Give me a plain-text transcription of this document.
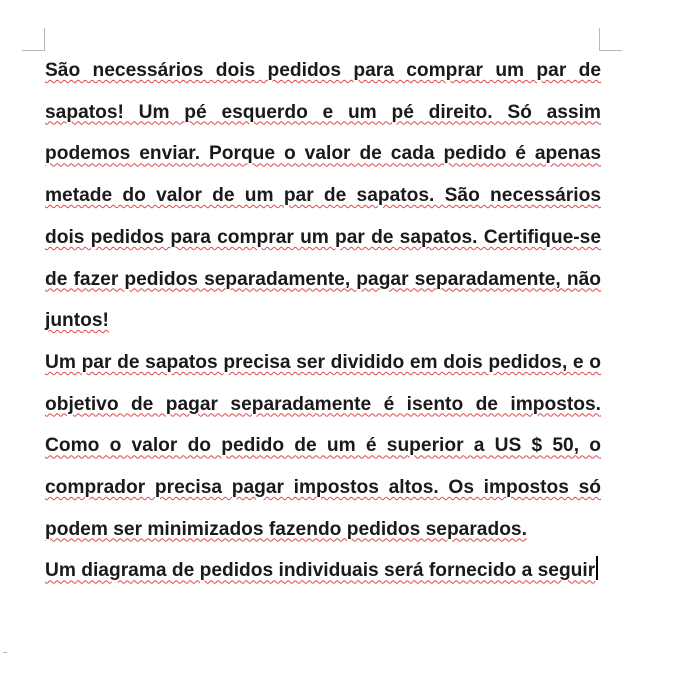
São necessários dois pedidos para comprar um par de sapatos! Um pé esquerdo e um pé direito. Só assim podemos enviar. Porque o valor de cada pedido é apenas metade do valor de um par de sapatos. São necessários dois pedidos para comprar um par de sapatos. Certifique-se de fazer pedidos separadamente, pagar separadamente, não juntos!

Um par de sapatos precisa ser dividido em dois pedidos, e o objetivo de pagar separadamente é isento de impostos. Como o valor do pedido de um é superior a US $ 50, o comprador precisa pagar impostos altos. Os impostos só podem ser minimizados fazendo pedidos separados.

Um diagrama de pedidos individuais será fornecido a seguir
